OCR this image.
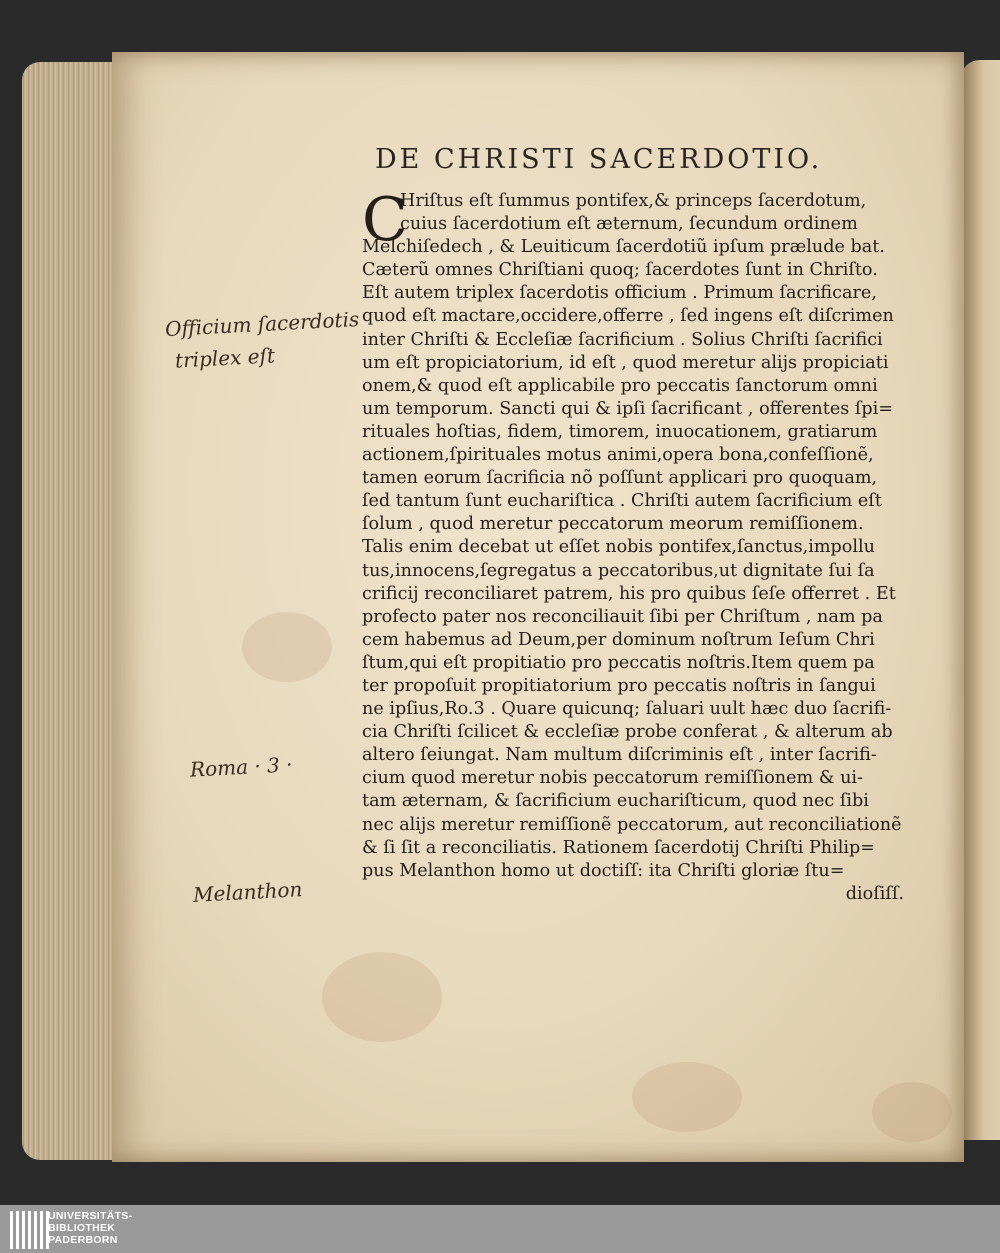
DE CHRISTI SACERDOTIO.
C
Hriſtus eſt ſummus pontifex,& princeps ſacerdotum,
cuius ſacerdotium eſt æternum, ſecundum ordinem
Melchiſedech , & Leuiticum ſacerdotiũ ipſum prælude bat.
Cæterũ omnes Chriſtiani quoq; ſacerdotes ſunt in Chriſto.
Eſt autem triplex ſacerdotis officium . Primum ſacrificare,
quod eſt mactare,occidere,offerre , ſed ingens eſt diſcrimen
inter Chriſti & Eccleſiæ ſacrificium . Solius Chriſti ſacrifici
um eſt propiciatorium, id eſt , quod meretur aliјs propiciati
onem,& quod eſt applicabile pro peccatis ſanctorum omni
um temporum. Sancti qui & ipſi ſacrificant , offerentes ſpi=
rituales hoſtias, fidem, timorem, inuocationem, gratiarum
actionem,ſpirituales motus animi,opera bona,confeſſionẽ,
tamen eorum ſacrificia nõ poſſunt applicari pro quoquam,
ſed tantum ſunt euchariſtica . Chriſti autem ſacrificium eſt
ſolum , quod meretur peccatorum meorum remiſſionem.
Talis enim decebat ut eſſet nobis pontifex,ſanctus,impollu
tus,innocens,ſegregatus a peccatoribus,ut dignitate ſui ſa
crificij reconciliaret patrem, his pro quibus ſeſe offerret . Et
profecto pater nos reconciliauit ſibi per Chriſtum , nam pa
cem habemus ad Deum,per dominum noſtrum Ieſum Chri
ſtum,qui eſt propitiatio pro peccatis noſtris.Item quem pa
ter propoſuit propitiatorium pro peccatis noſtris in ſangui
ne ipſius,Ro.3 . Quare quicunq; ſaluari uult hæc duo ſacrifi-
cia Chriſti ſcilicet & eccleſiæ probe conferat , & alterum ab
altero ſeiungat. Nam multum diſcriminis eſt , inter ſacrifi-
cium quod meretur nobis peccatorum remiſſionem & ui-
tam æternam, & ſacrificium euchariſticum, quod nec ſibi
nec aliјs meretur remiſſionẽ peccatorum, aut reconciliationẽ
& ſi ſit a reconciliatis. Rationem ſacerdotij Chriſti Philip=
pus Melanthon homo ut doctiſſ: ita Chriſti gloriæ ſtu=
dioſiſſ.
Officium ſacerdotis
triplex eſt
Roma · 3 ·
Melanthon
UNIVERSITÄTS-
BIBLIOTHEK
PADERBORN
